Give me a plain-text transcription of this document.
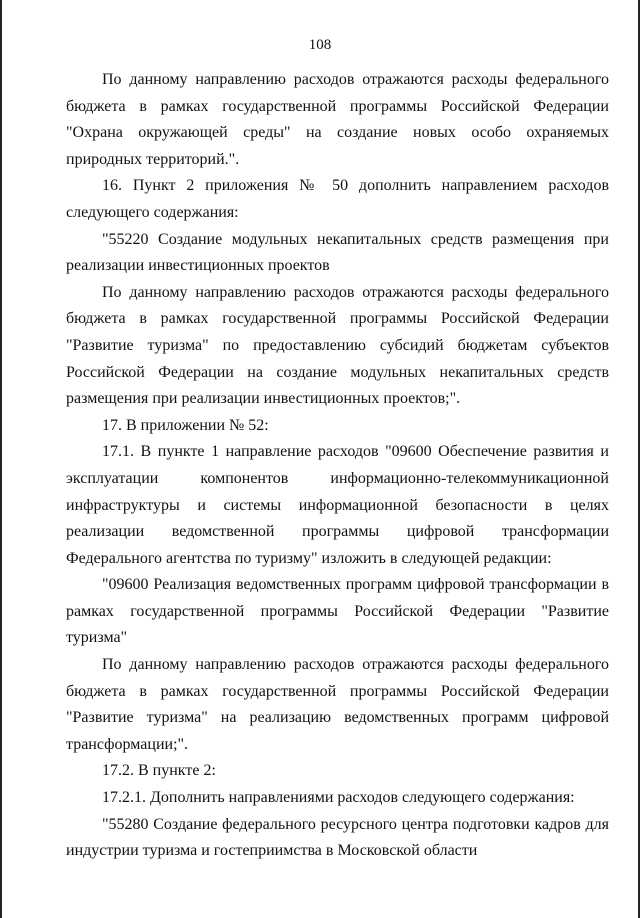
108

По данному направлению расходов отражаются расходы федерального бюджета в рамках государственной программы Российской Федерации "Охрана окружающей среды" на создание новых особо охраняемых природных территорий.".

16. Пункт 2 приложения № 50 дополнить направлением расходов следующего содержания:

"55220 Создание модульных некапитальных средств размещения при реализации инвестиционных проектов

По данному направлению расходов отражаются расходы федерального бюджета в рамках государственной программы Российской Федерации "Развитие туризма" по предоставлению субсидий бюджетам субъектов Российской Федерации на создание модульных некапитальных средств размещения при реализации инвестиционных проектов;".

17. В приложении № 52:

17.1. В пункте 1 направление расходов "09600 Обеспечение развития и эксплуатации компонентов информационно-телекоммуникационной инфраструктуры и системы информационной безопасности в целях реализации ведомственной программы цифровой трансформации Федерального агентства по туризму" изложить в следующей редакции:

"09600 Реализация ведомственных программ цифровой трансформации в рамках государственной программы Российской Федерации "Развитие туризма"

По данному направлению расходов отражаются расходы федерального бюджета в рамках государственной программы Российской Федерации "Развитие туризма" на реализацию ведомственных программ цифровой трансформации;".

17.2. В пункте 2:

17.2.1. Дополнить направлениями расходов следующего содержания:

"55280 Создание федерального ресурсного центра подготовки кадров для индустрии туризма и гостеприимства в Московской области
